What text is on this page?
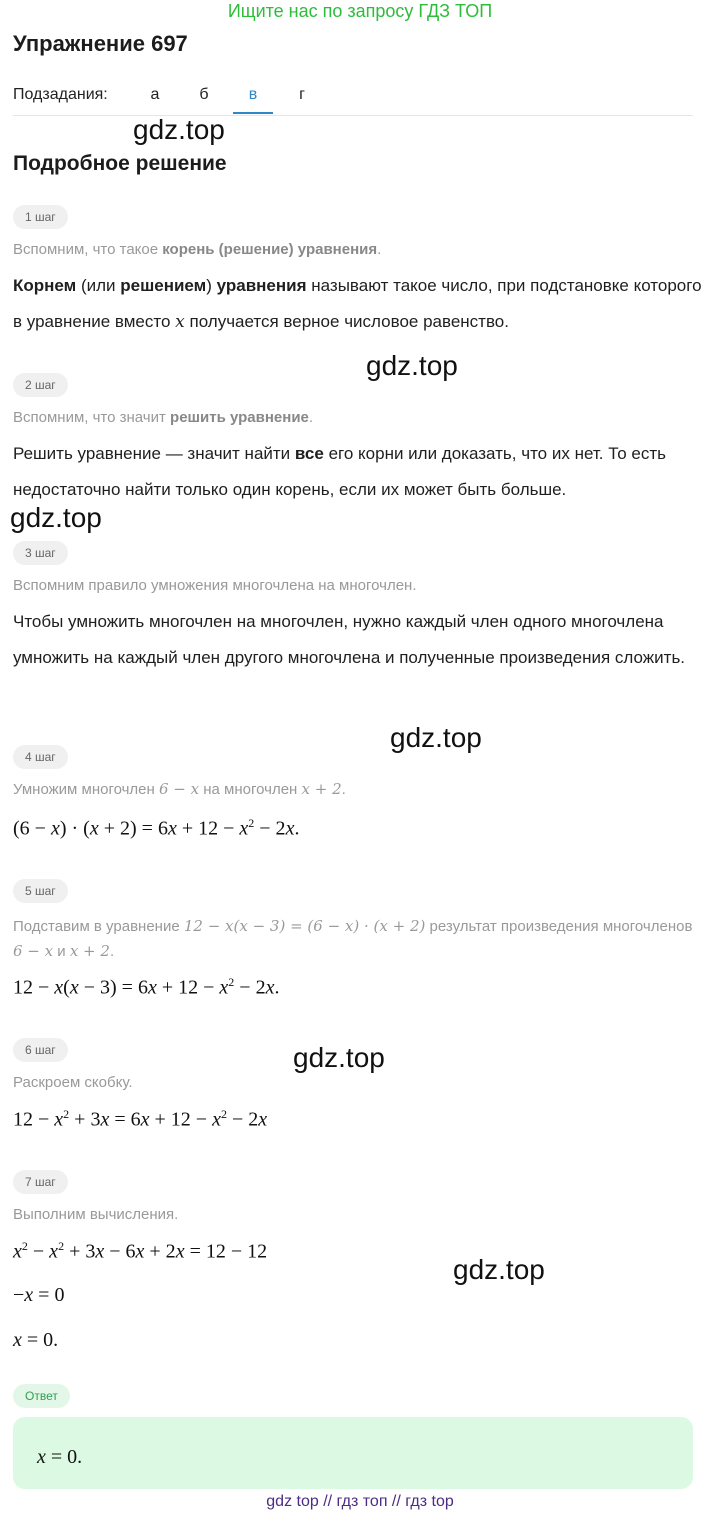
Ищите нас по запросу ГДЗ ТОП
Упражнение 697
Подзадания:	а	б	в	г
gdz.top
Подробное решение
1 шаг
Вспомним, что такое корень (решение) уравнения.
Корнем (или решением) уравнения называют такое число, при подстановке которого в уравнение вместо x получается верное числовое равенство.
gdz.top
2 шаг
Вспомним, что значит решить уравнение.
Решить уравнение — значит найти все его корни или доказать, что их нет. То есть недостаточно найти только один корень, если их может быть больше.
gdz.top
3 шаг
Вспомним правило умножения многочлена на многочлен.
Чтобы умножить многочлен на многочлен, нужно каждый член одного многочлена умножить на каждый член другого многочлена и полученные произведения сложить.
gdz.top
4 шаг
Умножим многочлен 6 − x на многочлен x + 2.
$(6 - x) \cdot (x + 2) = 6x + 12 - x^2 - 2x$.
5 шаг
Подставим в уравнение 12 − x(x − 3) = (6 − x) · (x + 2) результат произведения многочленов 6 − x и x + 2.
$12 - x(x - 3) = 6x + 12 - x^2 - 2x$.
gdz.top
6 шаг
Раскроем скобку.
$12 - x^2 + 3x = 6x + 12 - x^2 - 2x$
7 шаг
Выполним вычисления.
$x^2 - x^2 + 3x - 6x + 2x = 12 - 12$
−x = 0
x = 0.
gdz.top
Ответ
x = 0.
gdz top // гдз топ // гдз top
